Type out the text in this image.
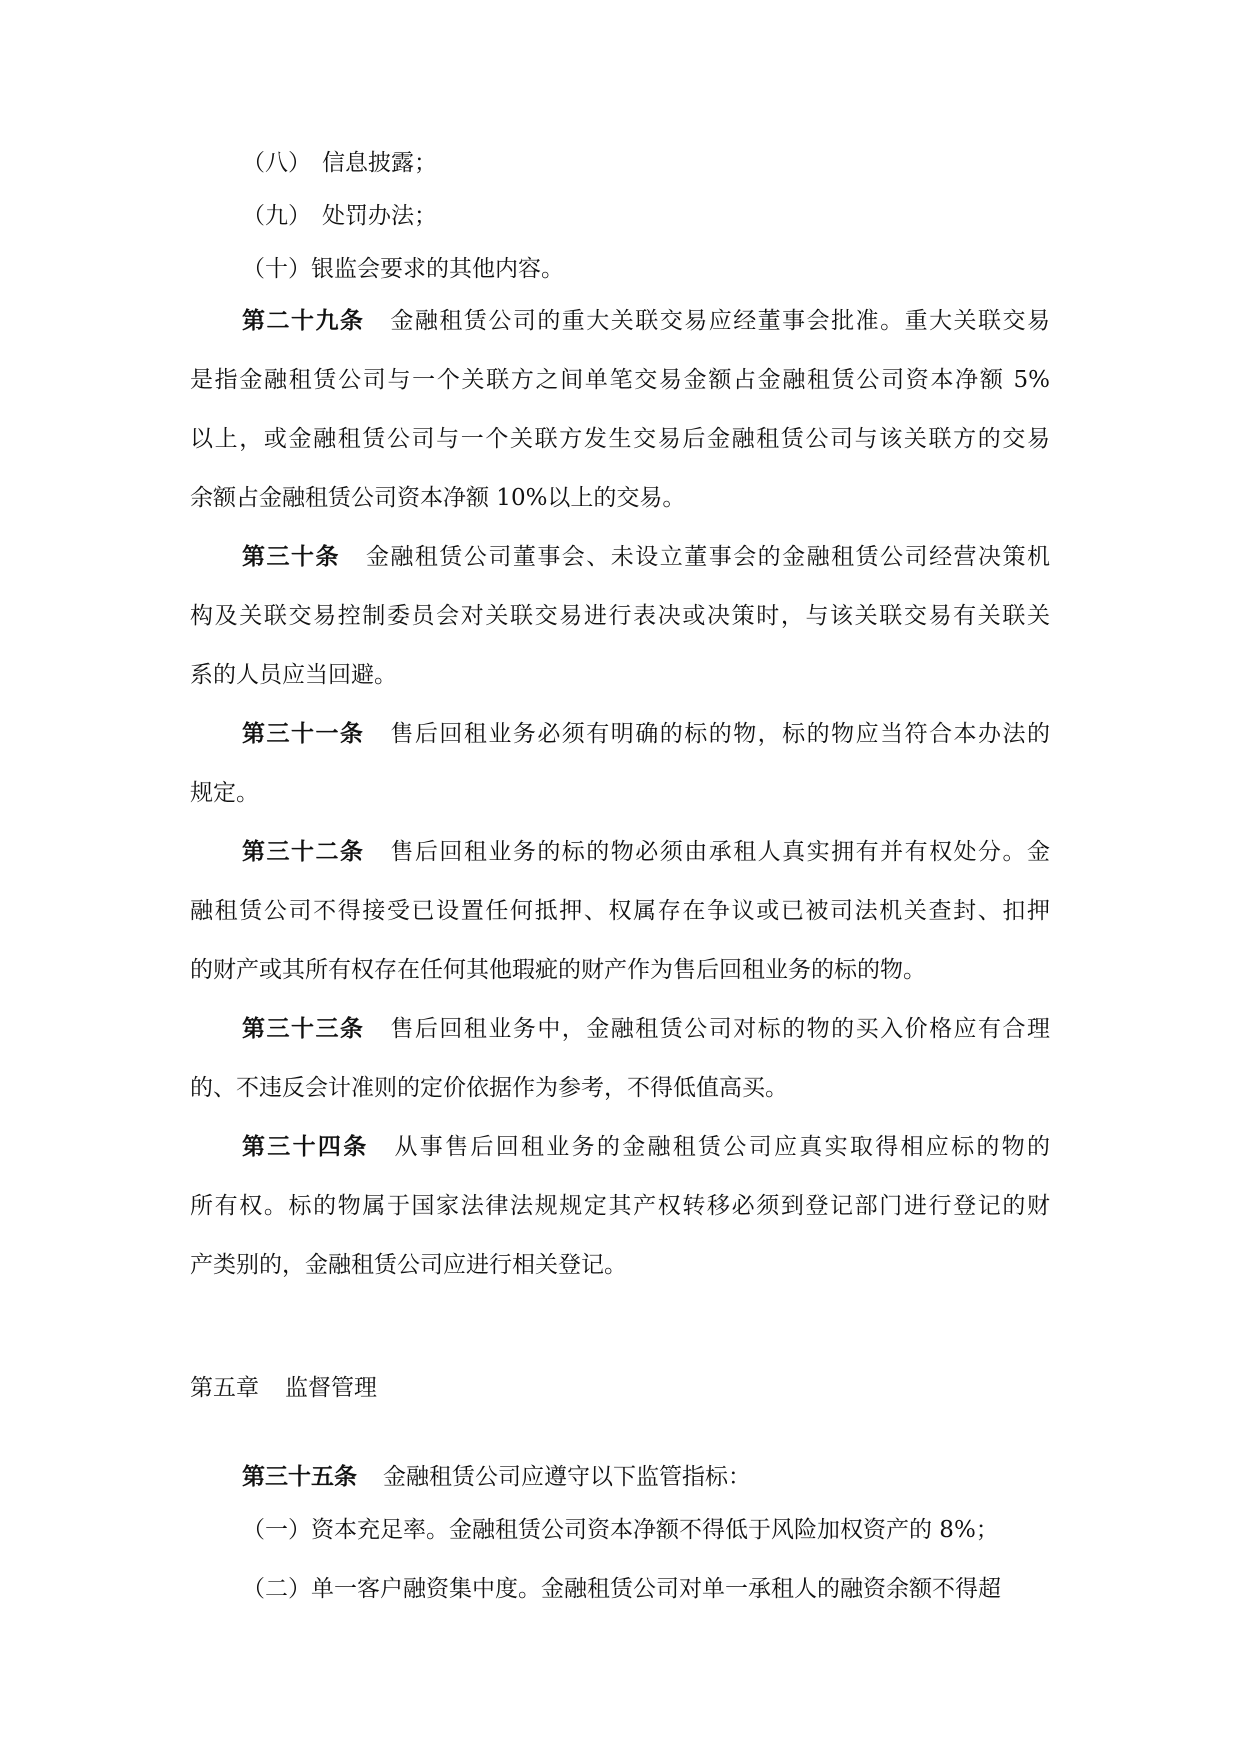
（八） 信息披露；
（九） 处罚办法；
（十）银监会要求的其他内容。
第二十九条 金融租赁公司的重大关联交易应经董事会批准。重大关联交易
是指金融租赁公司与一个关联方之间单笔交易金额占金融租赁公司资本净额 5%
以上，或金融租赁公司与一个关联方发生交易后金融租赁公司与该关联方的交易
余额占金融租赁公司资本净额 10%以上的交易。
第三十条 金融租赁公司董事会、未设立董事会的金融租赁公司经营决策机
构及关联交易控制委员会对关联交易进行表决或决策时，与该关联交易有关联关
系的人员应当回避。
第三十一条 售后回租业务必须有明确的标的物，标的物应当符合本办法的
规定。
第三十二条 售后回租业务的标的物必须由承租人真实拥有并有权处分。金
融租赁公司不得接受已设置任何抵押、权属存在争议或已被司法机关查封、扣押
的财产或其所有权存在任何其他瑕疵的财产作为售后回租业务的标的物。
第三十三条 售后回租业务中，金融租赁公司对标的物的买入价格应有合理
的、不违反会计准则的定价依据作为参考，不得低值高买。
第三十四条 从事售后回租业务的金融租赁公司应真实取得相应标的物的
所有权。标的物属于国家法律法规规定其产权转移必须到登记部门进行登记的财
产类别的，金融租赁公司应进行相关登记。
第五章 监督管理
第三十五条 金融租赁公司应遵守以下监管指标：
（一）资本充足率。金融租赁公司资本净额不得低于风险加权资产的 8%；
（二）单一客户融资集中度。金融租赁公司对单一承租人的融资余额不得超
